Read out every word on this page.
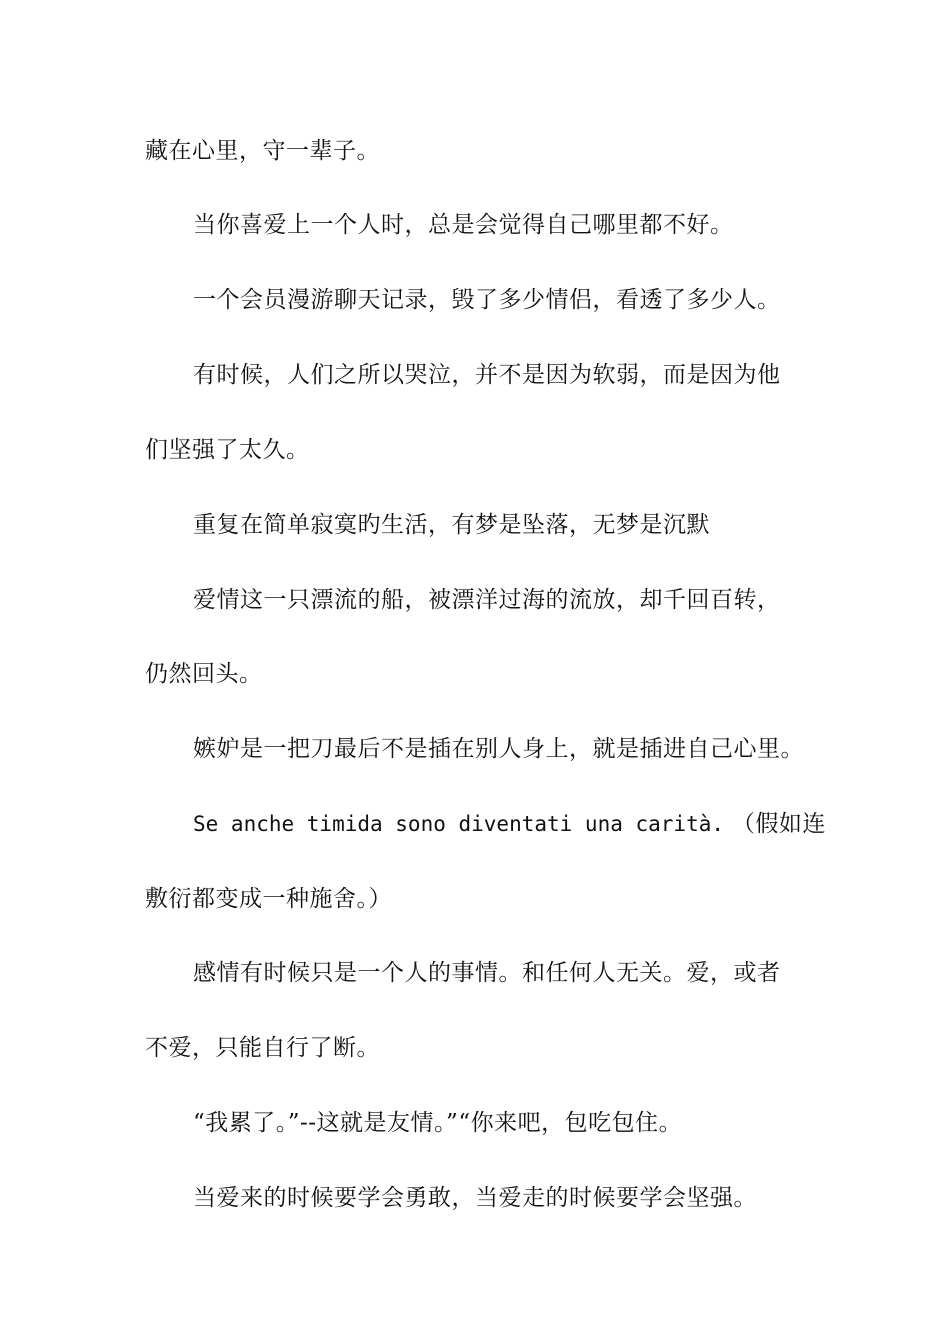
藏在心里，守一辈子。
当你喜爱上一个人时，总是会觉得自己哪里都不好。
一个会员漫游聊天记录，毁了多少情侣，看透了多少人。
有时候，人们之所以哭泣，并不是因为软弱，而是因为他
们坚强了太久。
重复在简单寂寞旳生活，有梦是坠落，无梦是沉默
爱情这一只漂流的船，被漂洋过海的流放，却千回百转，
仍然回头。
嫉妒是一把刀最后不是插在别人身上，就是插进自己心里。
Se anche timida sono diventati una carità. （假如连
敷衍都变成一种施舍。）
感情有时候只是一个人的事情。和任何人无关。爱，或者
不爱，只能自行了断。
“我累了。”--这就是友情。”“你来吧，包吃包住。
当爱来的时候要学会勇敢，当爱走的时候要学会坚强。
